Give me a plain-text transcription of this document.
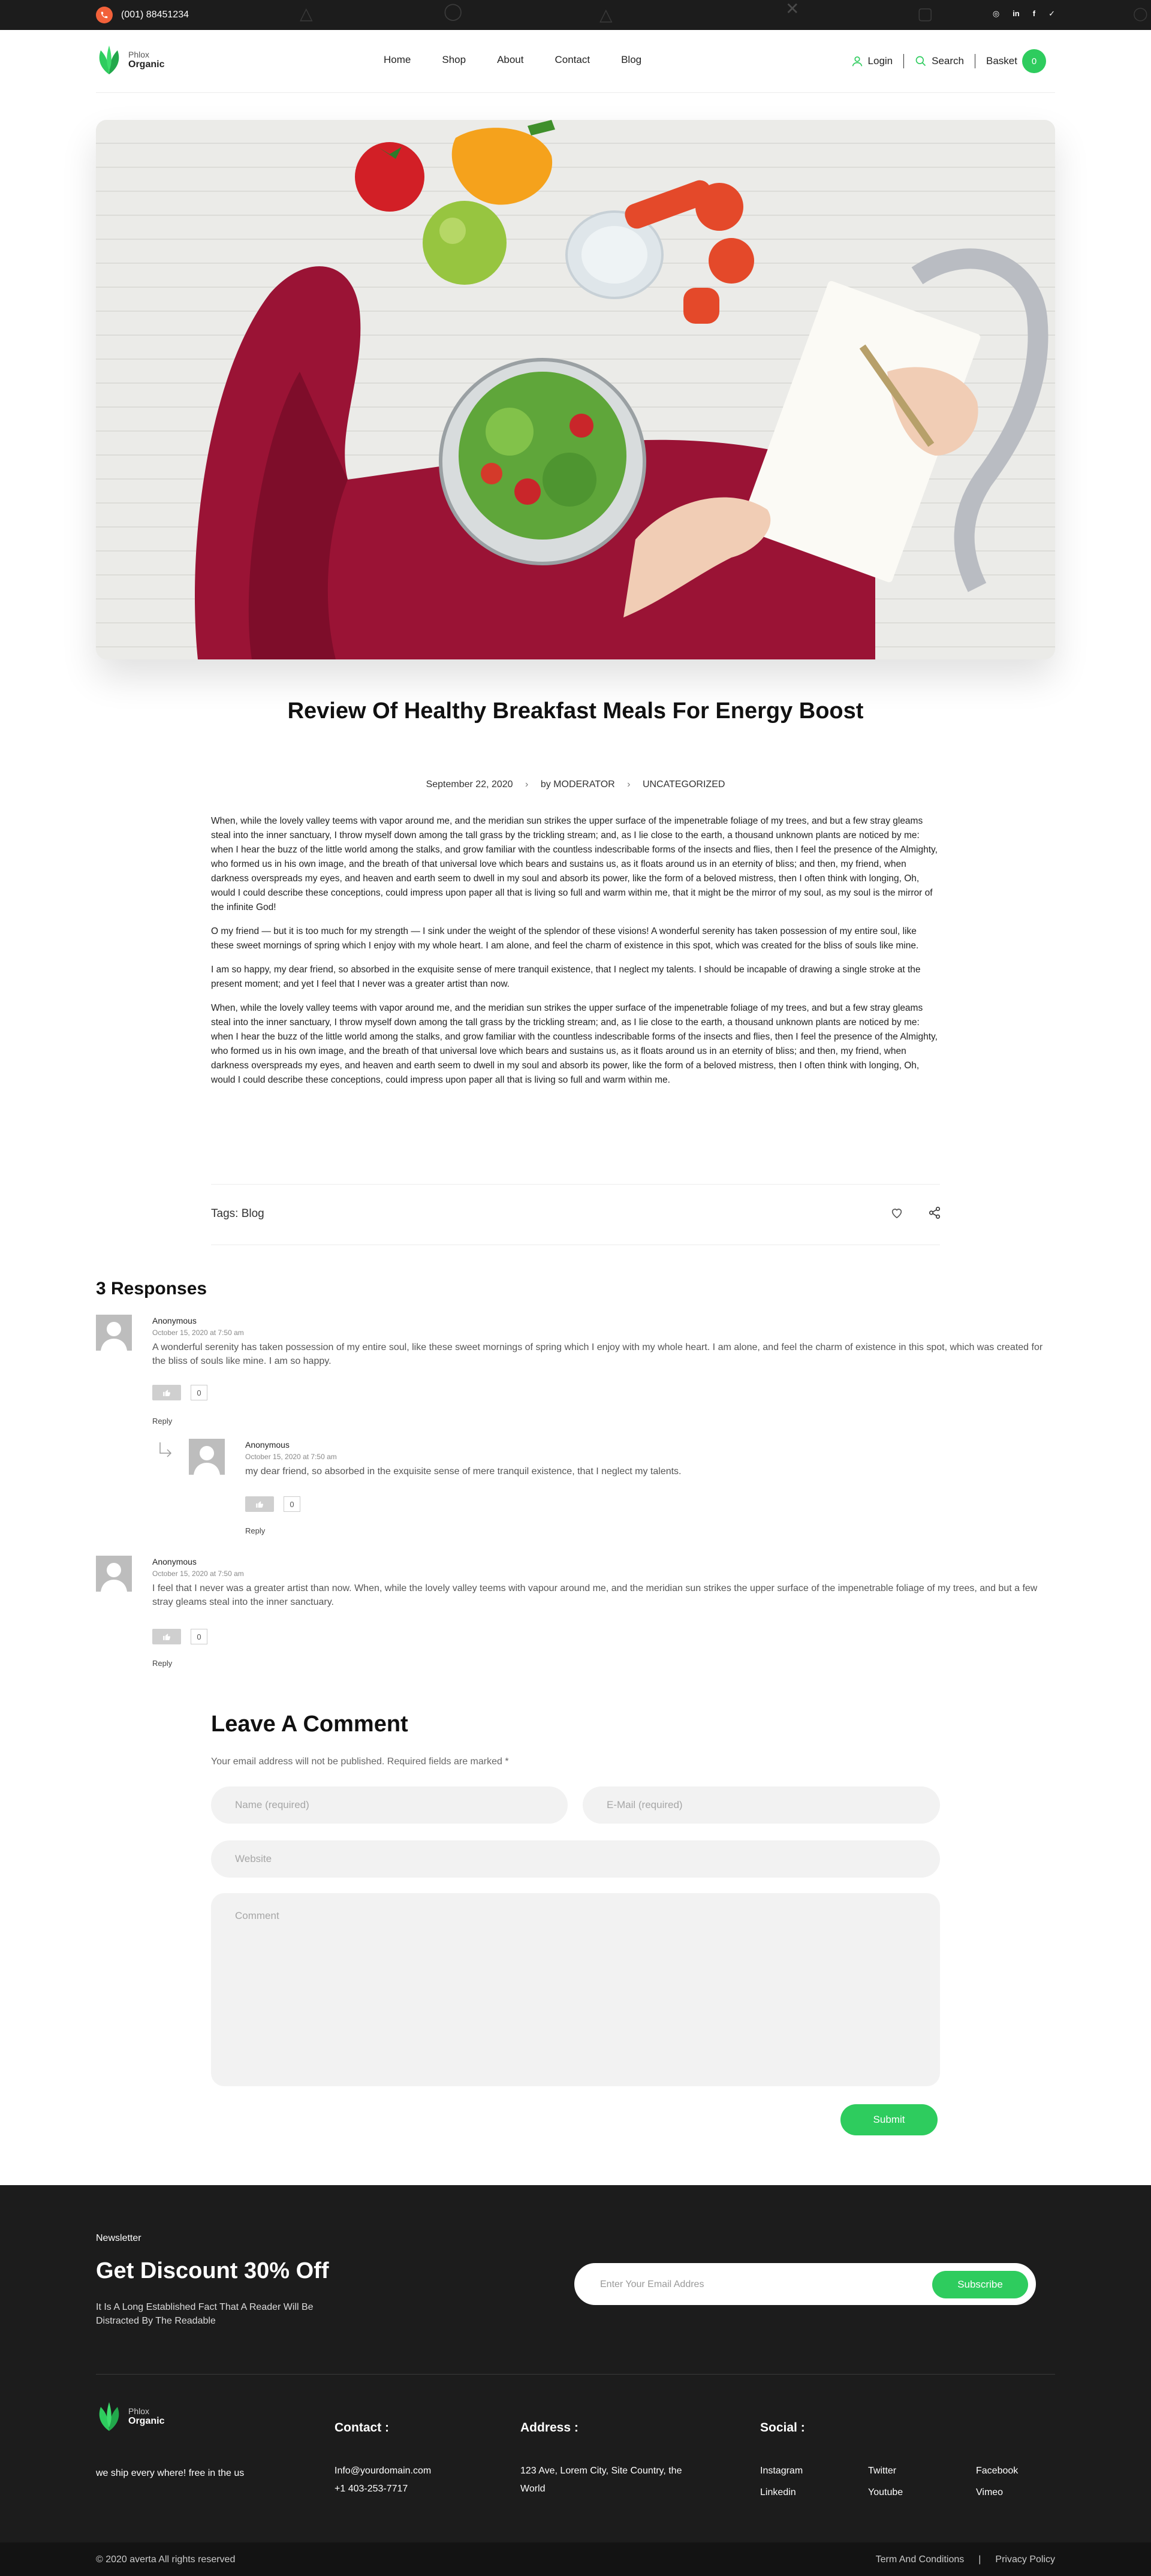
△	◯	△	✕	▢	◯
(001) 88451234	◎ in f ✓
Phlox
Organic	Home	Shop	About	Contact	Blog	Login	Search Basket	0
Review Of Healthy Breakfast Meals For Energy Boost
September 22, 2020 › by MODERATOR › UNCATEGORIZED

When, while the lovely valley teems with vapor around me, and the meridian sun strikes the upper surface of the impenetrable foliage of my trees, and but a few stray gleams steal into the inner sanctuary, I throw myself down among the tall grass by the trickling stream; and, as I lie close to the earth, a thousand unknown plants are noticed by me: when I hear the buzz of the little world among the stalks, and grow familiar with the countless indescribable forms of the insects and flies, then I feel the presence of the Almighty, who formed us in his own image, and the breath of that universal love which bears and sustains us, as it floats around us in an eternity of bliss; and then, my friend, when darkness overspreads my eyes, and heaven and earth seem to dwell in my soul and absorb its power, like the form of a beloved mistress, then I often think with longing, Oh, would I could describe these conceptions, could impress upon paper all that is living so full and warm within me, that it might be the mirror of my soul, as my soul is the mirror of the infinite God!

O my friend — but it is too much for my strength — I sink under the weight of the splendor of these visions! A wonderful serenity has taken possession of my entire soul, like these sweet mornings of spring which I enjoy with my whole heart. I am alone, and feel the charm of existence in this spot, which was created for the bliss of souls like mine.

I am so happy, my dear friend, so absorbed in the exquisite sense of mere tranquil existence, that I neglect my talents. I should be incapable of drawing a single stroke at the present moment; and yet I feel that I never was a greater artist than now.

When, while the lovely valley teems with vapor around me, and the meridian sun strikes the upper surface of the impenetrable foliage of my trees, and but a few stray gleams steal into the inner sanctuary, I throw myself down among the tall grass by the trickling stream; and, as I lie close to the earth, a thousand unknown plants are noticed by me: when I hear the buzz of the little world among the stalks, and grow familiar with the countless indescribable forms of the insects and flies, then I feel the presence of the Almighty, who formed us in his own image, and the breath of that universal love which bears and sustains us, as it floats around us in an eternity of bliss; and then, my friend, when darkness overspreads my eyes, and heaven and earth seem to dwell in my soul and absorb its power, like the form of a beloved mistress, then I often think with longing, Oh, would I could describe these conceptions, could impress upon paper all that is living so full and warm within me.

Tags: Blog
3 Responses
Anonymous
October 15, 2020 at 7:50 am
A wonderful serenity has taken possession of my entire soul, like these sweet mornings of spring which I enjoy with my whole heart. I am alone, and feel the charm of existence in this spot, which was created for the bliss of souls like mine. I am so happy.
0
Reply
Anonymous
October 15, 2020 at 7:50 am
my dear friend, so absorbed in the exquisite sense of mere tranquil existence, that I neglect my talents.
0
Reply
Anonymous
October 15, 2020 at 7:50 am
I feel that I never was a greater artist than now. When, while the lovely valley teems with vapour around me, and the meridian sun strikes the upper surface of the impenetrable foliage of my trees, and but a few stray gleams steal into the inner sanctuary.
0
Reply
Leave A Comment
Your email address will not be published. Required fields are marked *
Name (required)
E-Mail (required)
Website
Comment
Submit
Newsletter
Get Discount 30% Off
It Is A Long Established Fact That A Reader Will Be Distracted By The Readable
Enter Your Email Addres
Subscribe
Phlox
Organic
we ship every where! free in the us
Contact :
Info@yourdomain.com
+1 403-253-7717
Address :
123 Ave, Lorem City, Site Country, the World
Social :
Instagram	Twitter	Facebook
Linkedin	Youtube	Vimeo
© 2020 averta All rights reserved	Term And Conditions | Privacy Policy
